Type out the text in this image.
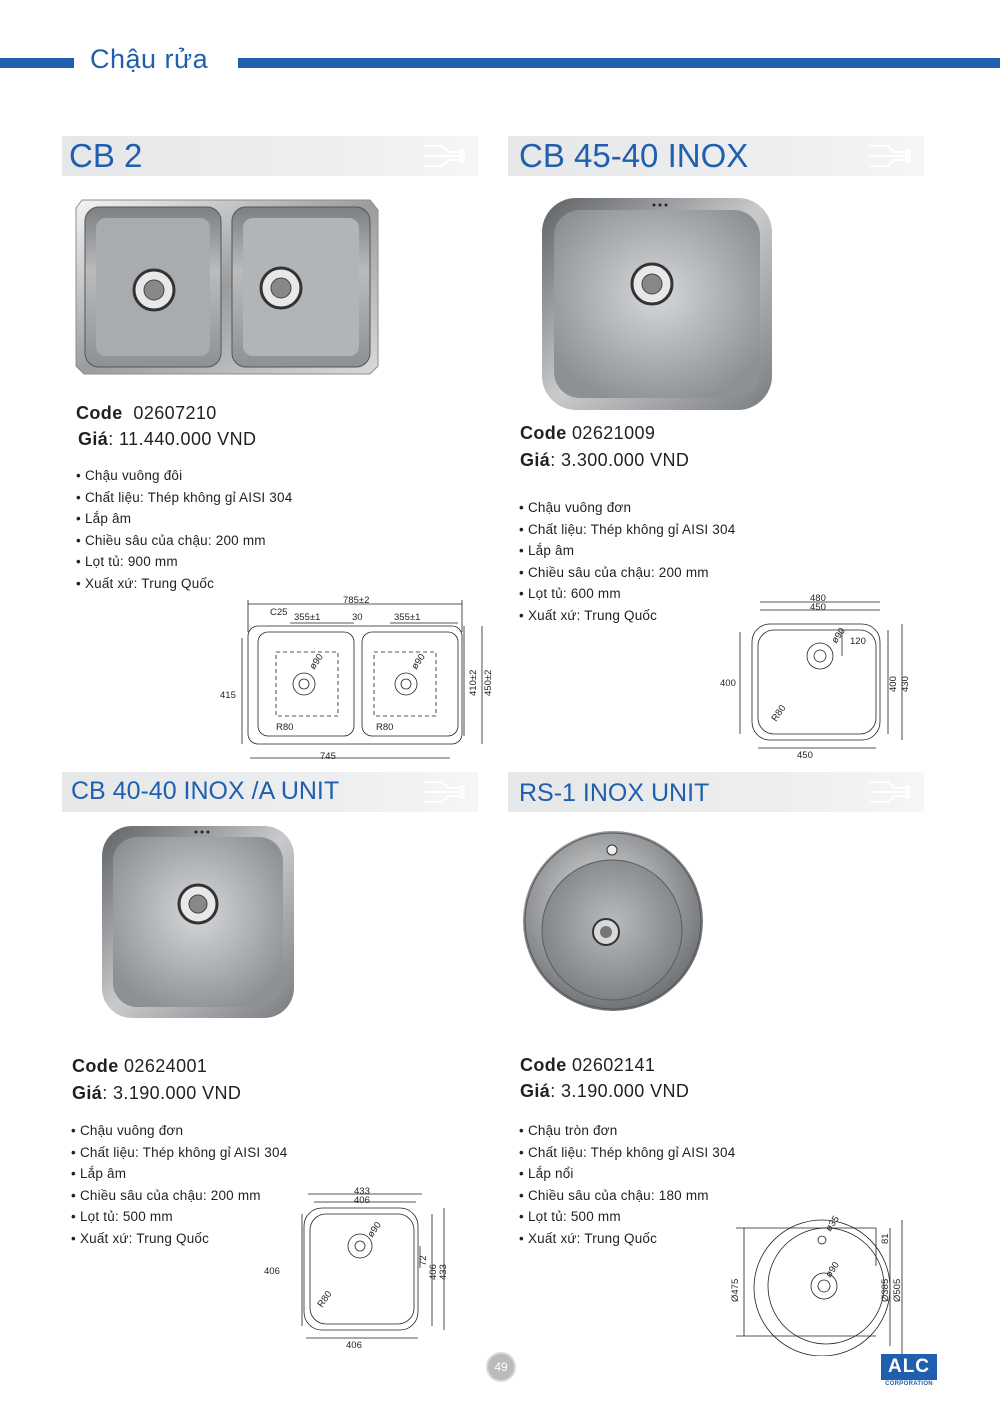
Chậu rửa
CB 2
Code 02607210
Giá: 11.440.000 VND
• Chậu vuông đôi
• Chất liệu: Thép không gỉ AISI 304
• Lắp âm
• Chiều sâu của chậu: 200 mm
• Lọt tủ: 900 mm
• Xuất xứ: Trung Quốc
785±2
C25 355±1	30	355±1
ø90	ø90
415	410±2 450±2
R80	R80
745
CB 45-40 INOX
Code 02621009
Giá: 3.300.000 VND
• Chậu vuông đơn
• Chất liệu: Thép không gỉ AISI 304
• Lắp âm
• Chiều sâu của chậu: 200 mm
• Lọt tủ: 600 mm
• Xuất xứ: Trung Quốc
480
450
ø90 120
400
R80
400 430
450
CB 40-40 INOX /A UNIT
Code 02624001
Giá: 3.190.000 VND
• Chậu vuông đơn
• Chất liệu: Thép không gỉ AISI 304
• Lắp âm
• Chiều sâu của chậu: 200 mm
• Lọt tủ: 500 mm
• Xuất xứ: Trung Quốc
433
406
ø90
72
406
R80
406 433
406
RS-1 INOX UNIT
Code 02602141
Giá: 3.190.000 VND
• Chậu tròn đơn
• Chất liệu: Thép không gỉ AISI 304
• Lắp nổi
• Chiều sâu của chậu: 180 mm
• Lọt tủ: 500 mm
• Xuất xứ: Trung Quốc
ø35
81
ø90
Ø475	Ø385 Ø505
49	ALC
CORPORATION
